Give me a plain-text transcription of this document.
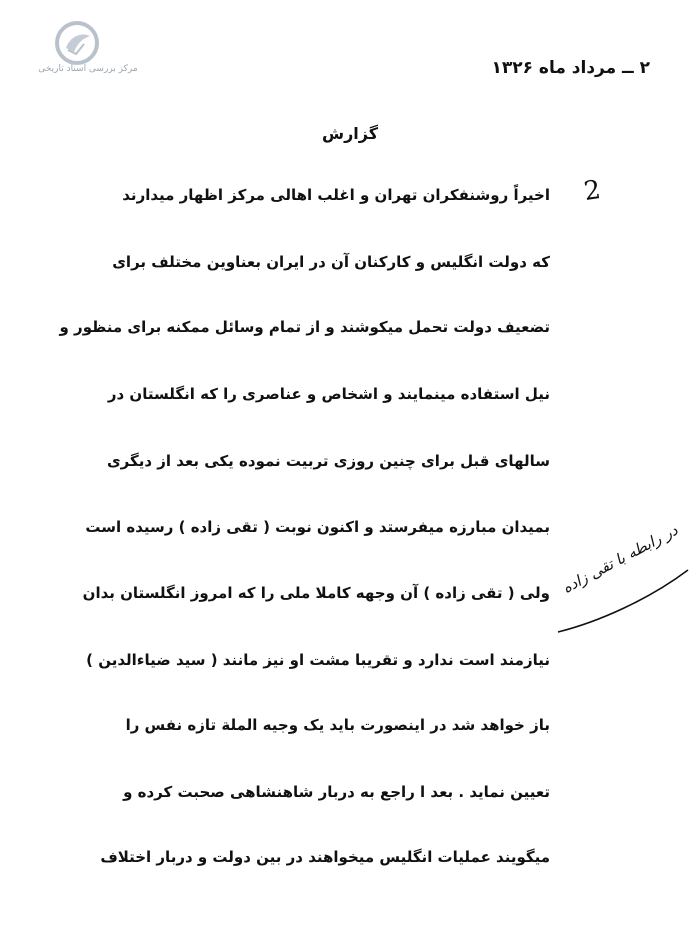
مرکز بررسی اسناد تاریخی	۲ ــ مرداد ماه ۱۳۲۶
گزارش
2
اخیراً روشنفکران تهران و اغلب اهالی مرکز اظهار میدارند
که دولت انگلیس و کارکنان آن در ایران بعناوین مختلف برای
تضعیف دولت تحمل میکوشند و از تمام وسائل ممکنه برای منظور و
نیل استفاده مینمایند و اشخاص و عناصری را که انگلستان در
سالهای قبل برای چنین روزی تربیت نموده یکی بعد از دیگری
بمیدان مبارزه میفرستد و اکنون نوبت ( تقی زاده ) رسیده است
ولی ( تقی زاده ) آن وجهه کاملا ملی را که امروز انگلستان بدان
نیازمند است ندارد و تقریبا مشت او نیز مانند ( سید ضیاءالدین )
باز خواهد شد در اینصورت باید یک وجیه الملة تازه نفس را
تعیین نماید . بعد ا راجع به دربار شاهنشاهی صحبت کرده و
میگویند عملیات انگلیس میخواهند در بین دولت و دربار اختلاف
در رابطه با تقی زاده
